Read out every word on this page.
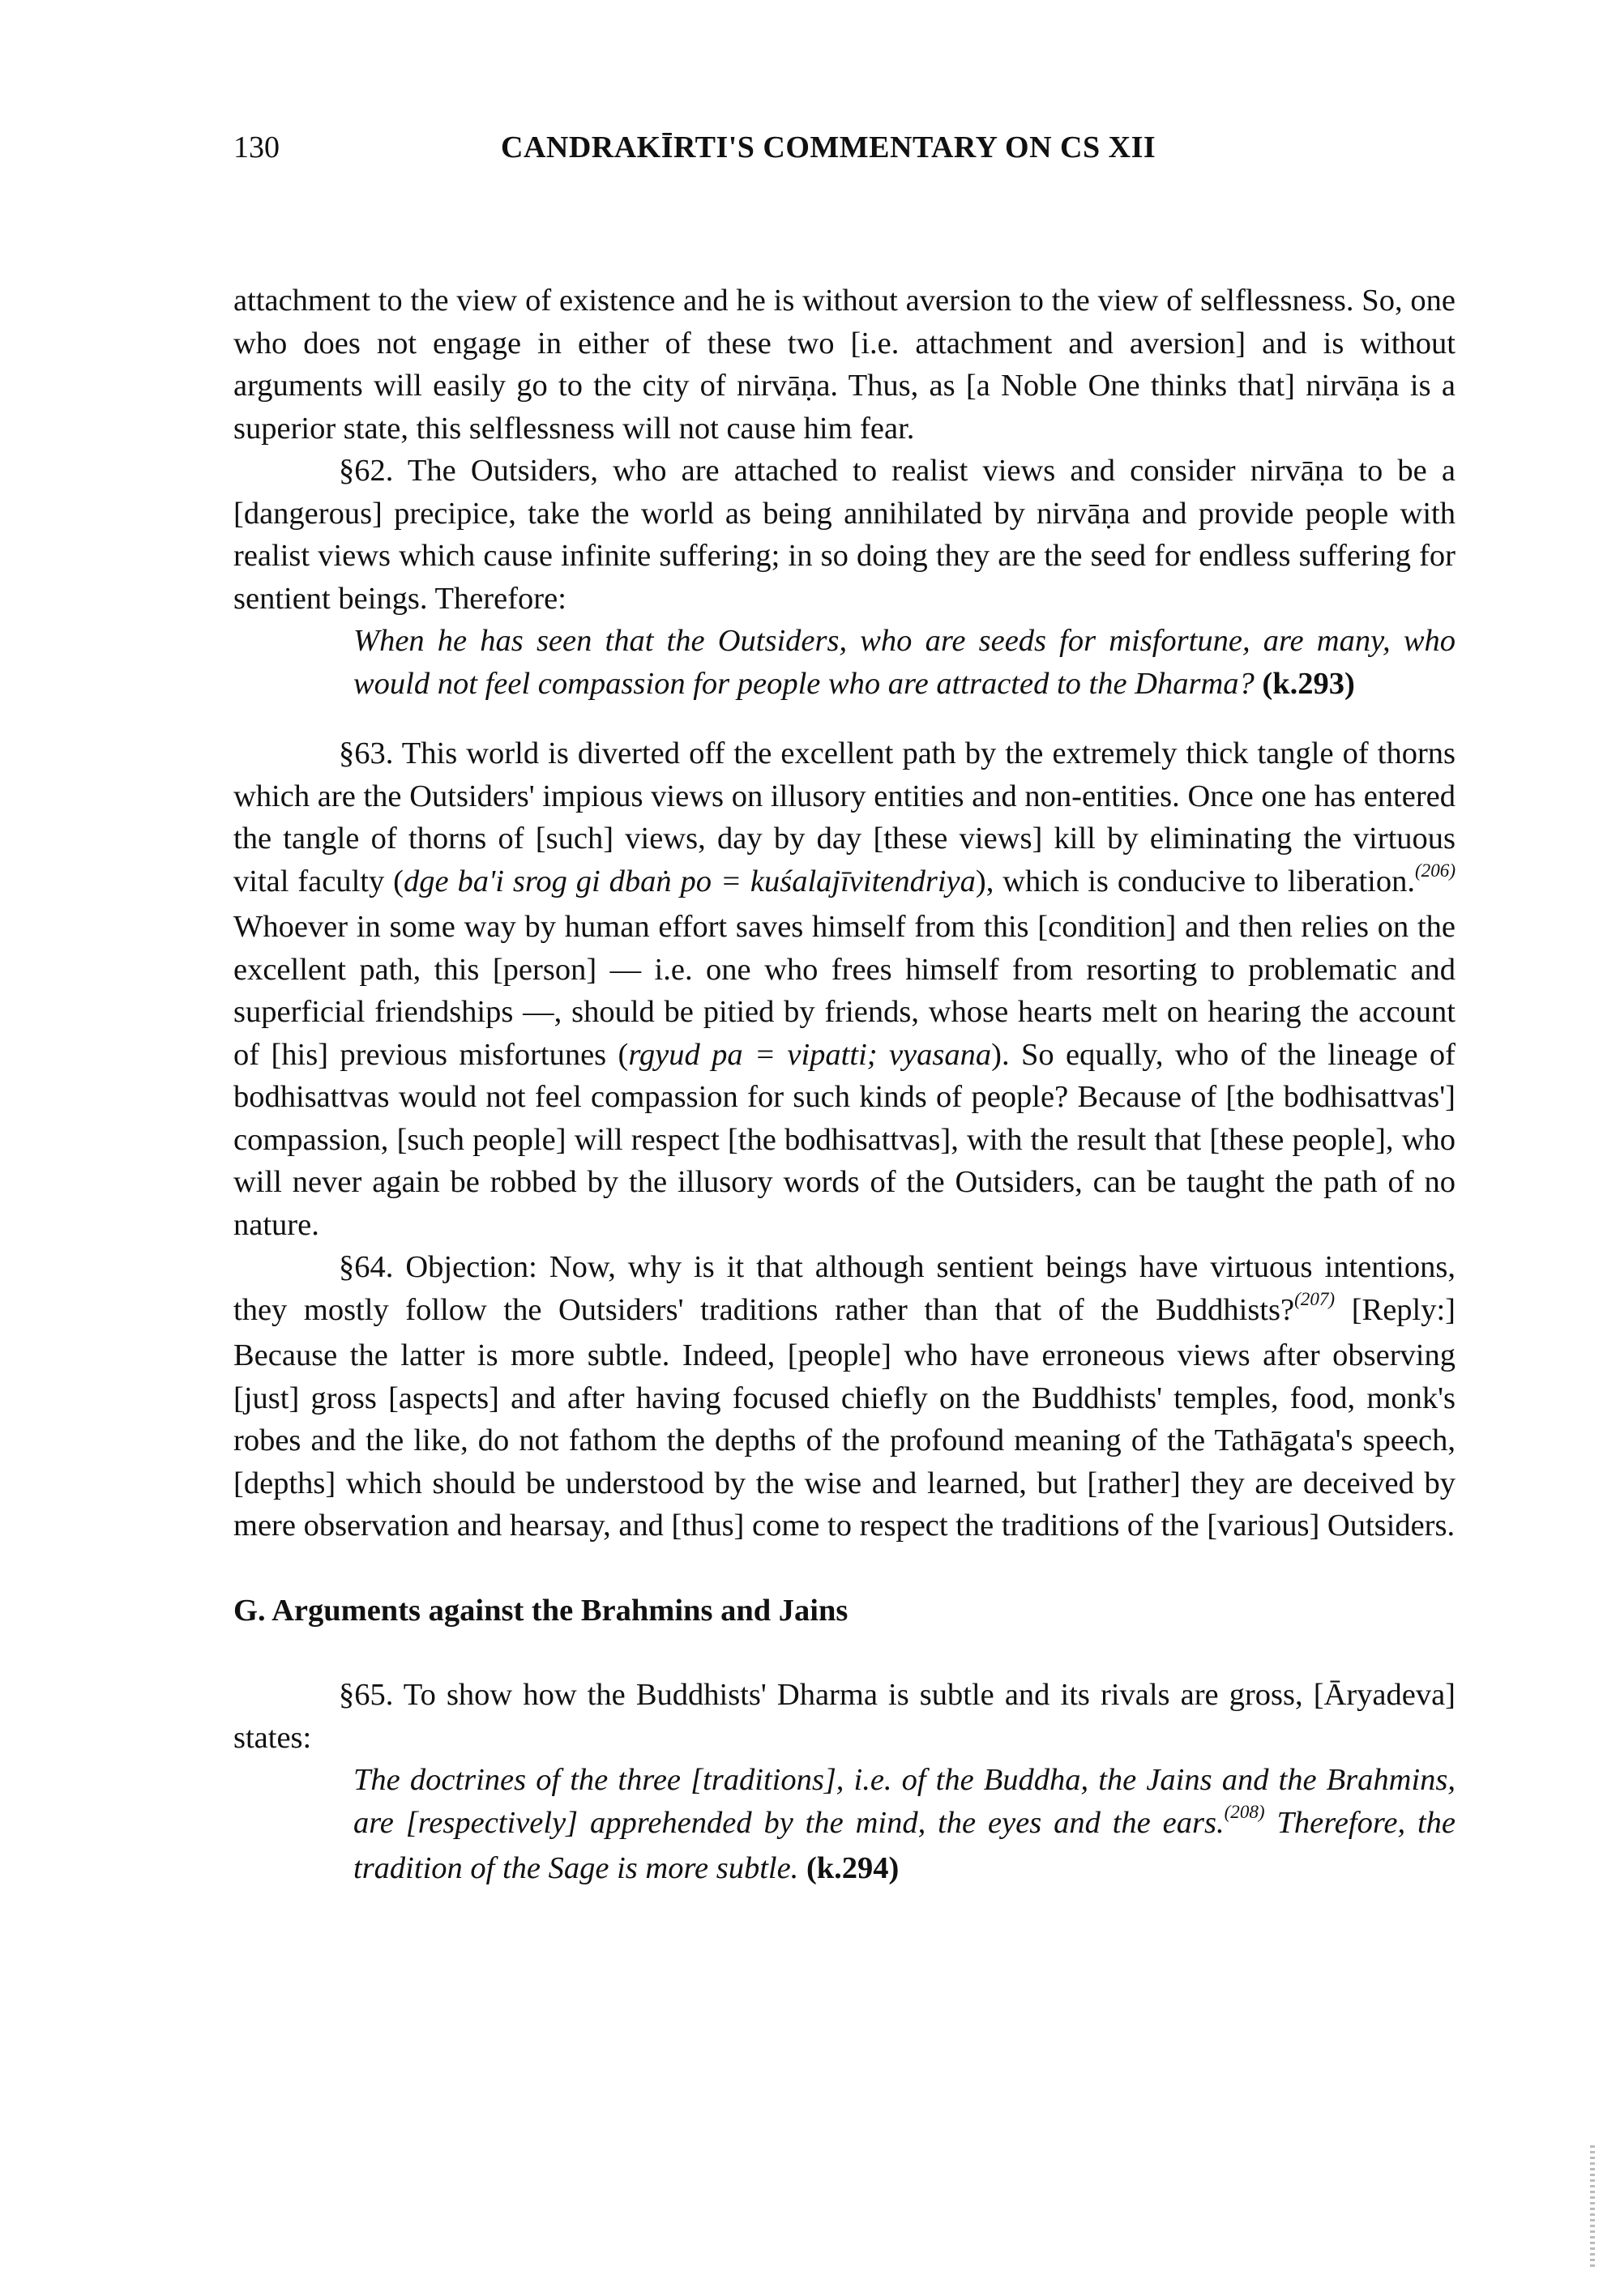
130	CANDRAKĪRTI'S COMMENTARY ON CS XII

attachment to the view of existence and he is without aversion to the view of selflessness. So, one who does not engage in either of these two [i.e. attachment and aversion] and is without arguments will easily go to the city of nirvāṇa. Thus, as [a Noble One thinks that] nirvāṇa is a superior state, this selflessness will not cause him fear.

§62. The Outsiders, who are attached to realist views and consider nirvāṇa to be a [dangerous] precipice, take the world as being annihilated by nirvāṇa and provide people with realist views which cause infinite suffering; in so doing they are the seed for endless suffering for sentient beings. Therefore:

When he has seen that the Outsiders, who are seeds for misfortune, are many, who would not feel compassion for people who are attracted to the Dharma? (k.293)

§63. This world is diverted off the excellent path by the extremely thick tangle of thorns which are the Outsiders' impious views on illusory entities and non-entities. Once one has entered the tangle of thorns of [such] views, day by day [these views] kill by eliminating the virtuous vital faculty (dge ba'i srog gi dbaṅ po = kuśalajīvitendriya), which is conducive to liberation.$^{(206)}$ Whoever in some way by human effort saves himself from this [condition] and then relies on the excellent path, this [person] — i.e. one who frees himself from resorting to problematic and superficial friendships —, should be pitied by friends, whose hearts melt on hearing the account of [his] previous misfortunes (rgyud pa = vipatti; vyasana). So equally, who of the lineage of bodhisattvas would not feel compassion for such kinds of people? Because of [the bodhisattvas'] compassion, [such people] will respect [the bodhisattvas], with the result that [these people], who will never again be robbed by the illusory words of the Outsiders, can be taught the path of no nature.

§64. Objection: Now, why is it that although sentient beings have virtuous intentions, they mostly follow the Outsiders' traditions rather than that of the Buddhists?$^{(207)}$ [Reply:] Because the latter is more subtle. Indeed, [people] who have erroneous views after observing [just] gross [aspects] and after having focused chiefly on the Buddhists' temples, food, monk's robes and the like, do not fathom the depths of the profound meaning of the Tathāgata's speech, [depths] which should be understood by the wise and learned, but [rather] they are deceived by mere observation and hearsay, and [thus] come to respect the traditions of the [various] Outsiders.

G. Arguments against the Brahmins and Jains

§65. To show how the Buddhists' Dharma is subtle and its rivals are gross, [Āryadeva] states:

The doctrines of the three [traditions], i.e. of the Buddha, the Jains and the Brahmins, are [respectively] apprehended by the mind, the eyes and the ears.$^{(208)}$ Therefore, the tradition of the Sage is more subtle. (k.294)
